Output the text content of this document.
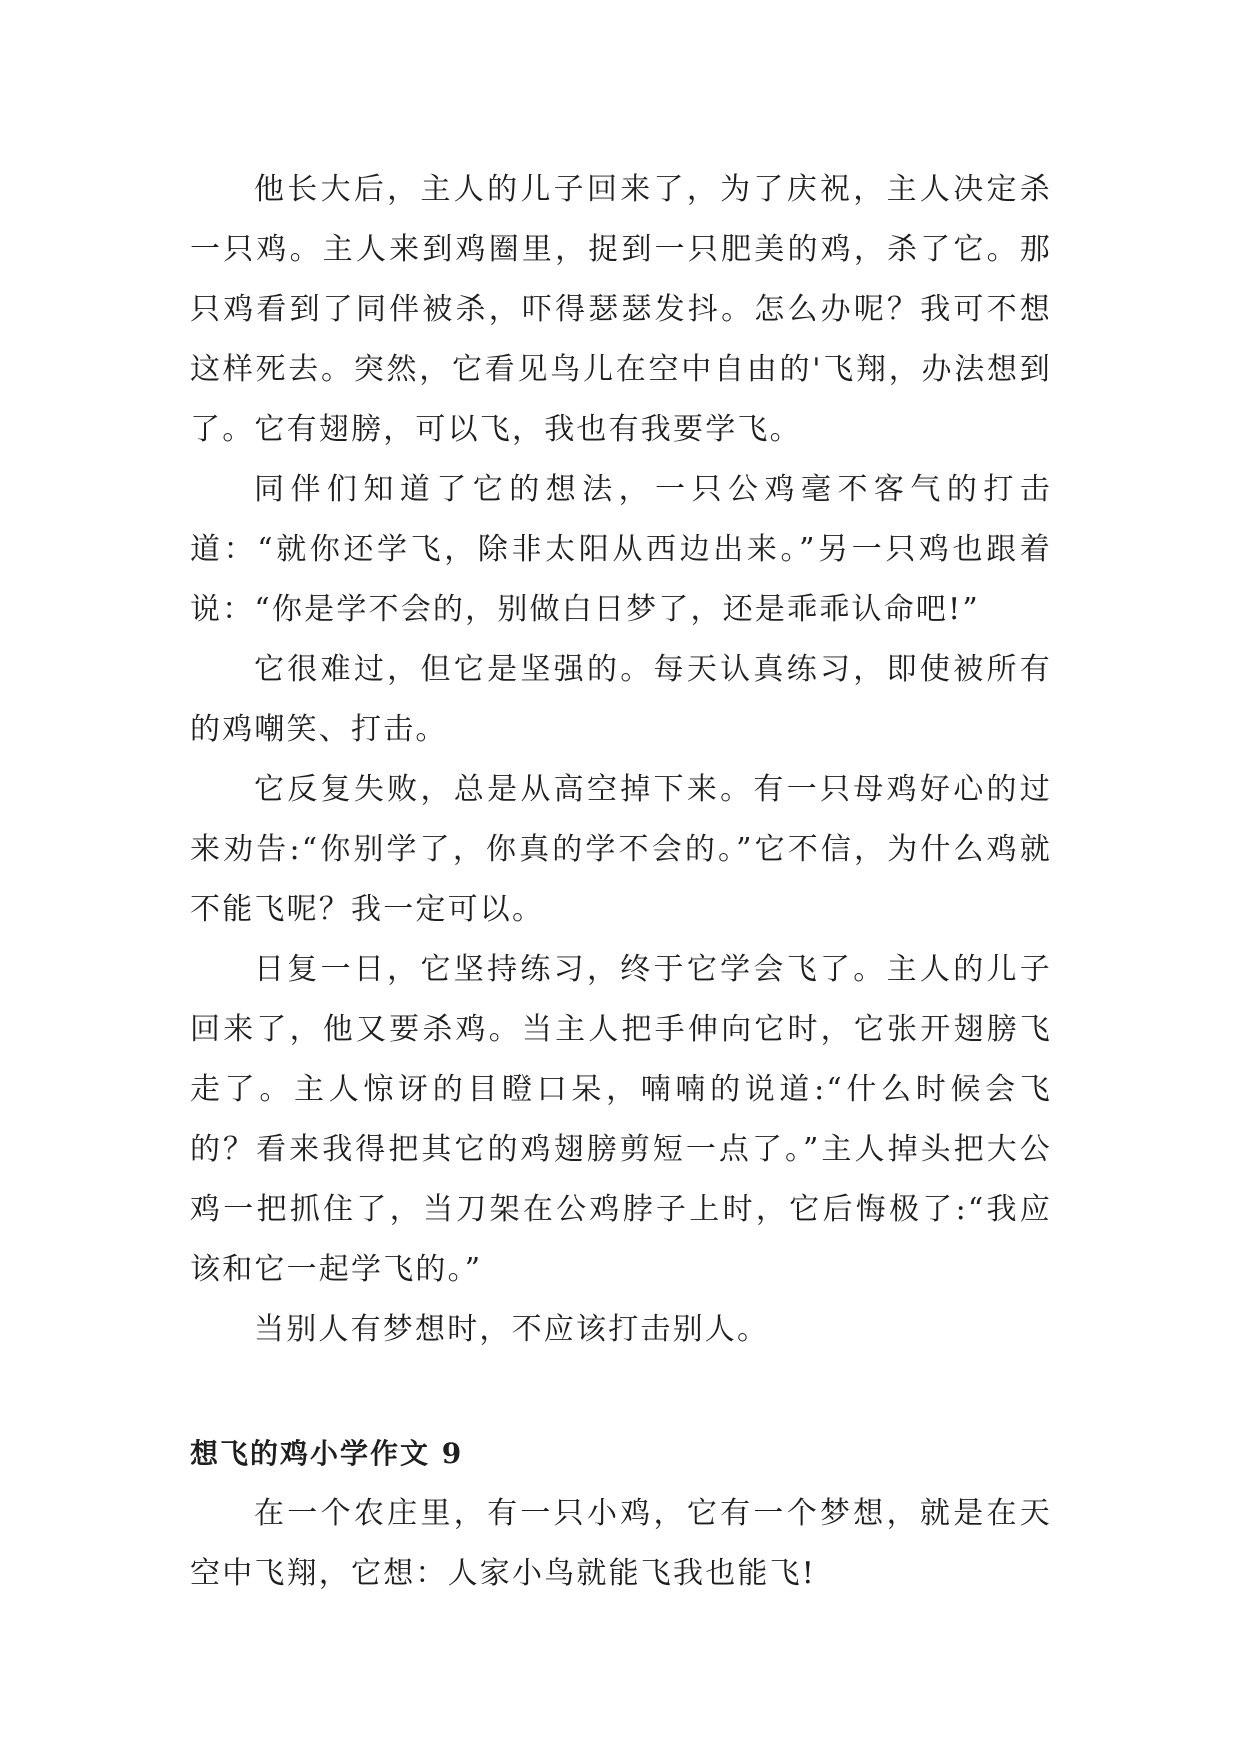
他长大后，主人的儿子回来了，为了庆祝，主人决定杀一只鸡。主人来到鸡圈里，捉到一只肥美的鸡，杀了它。那只鸡看到了同伴被杀，吓得瑟瑟发抖。怎么办呢？我可不想这样死去。突然，它看见鸟儿在空中自由的'飞翔，办法想到了。它有翅膀，可以飞，我也有我要学飞。

同伴们知道了它的想法，一只公鸡毫不客气的打击道：“就你还学飞，除非太阳从西边出来。”另一只鸡也跟着说：“你是学不会的，别做白日梦了，还是乖乖认命吧!”

它很难过，但它是坚强的。每天认真练习，即使被所有的鸡嘲笑、打击。

它反复失败，总是从高空掉下来。有一只母鸡好心的过来劝告:“你别学了，你真的学不会的。”它不信，为什么鸡就不能飞呢？我一定可以。

日复一日，它坚持练习，终于它学会飞了。主人的儿子回来了，他又要杀鸡。当主人把手伸向它时，它张开翅膀飞走了。主人惊讶的目瞪口呆，喃喃的说道:“什么时候会飞的？看来我得把其它的鸡翅膀剪短一点了。”主人掉头把大公鸡一把抓住了，当刀架在公鸡脖子上时，它后悔极了:“我应该和它一起学飞的。”

当别人有梦想时，不应该打击别人。

想飞的鸡小学作文 9

在一个农庄里，有一只小鸡，它有一个梦想，就是在天空中飞翔，它想：人家小鸟就能飞我也能飞!
